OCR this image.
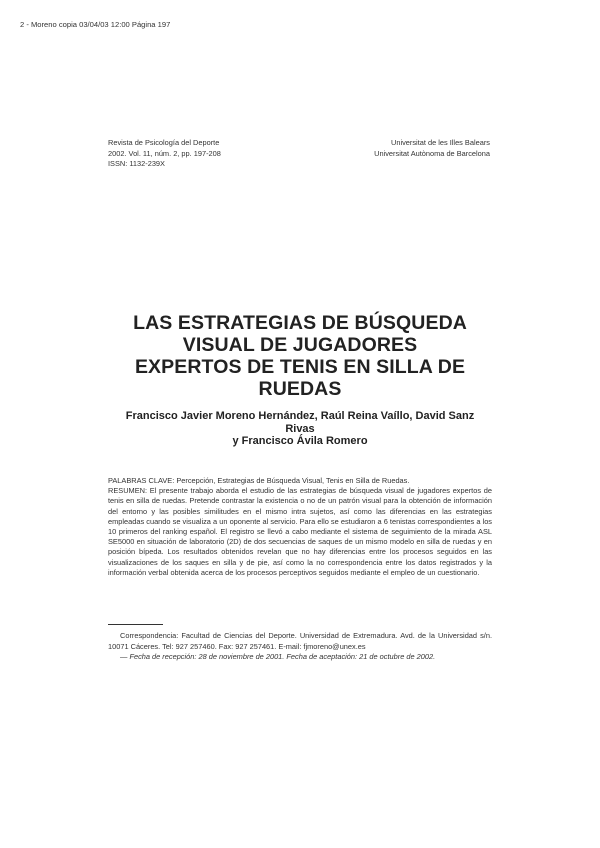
2 - Moreno copia 03/04/03 12:00 Página 197
Revista de Psicología del Deporte
2002. Vol. 11, núm. 2, pp. 197-208
ISSN: 1132-239X
Universitat de les Illes Balears
Universitat Autònoma de Barcelona
LAS ESTRATEGIAS DE BÚSQUEDA
VISUAL DE JUGADORES
EXPERTOS DE TENIS EN SILLA DE
RUEDAS
Francisco Javier Moreno Hernández, Raúl Reina Vaíllo, David Sanz
Rivas
y Francisco Ávila Romero

PALABRAS CLAVE: Percepción, Estrategias de Búsqueda Visual, Tenis en Silla de Ruedas.

RESUMEN: El presente trabajo aborda el estudio de las estrategias de búsqueda visual de jugadores expertos de tenis en silla de ruedas. Pretende contrastar la existencia o no de un patrón visual para la obtención de información del entorno y las posibles similitudes en el mismo intra sujetos, así como las diferencias en las estrategias empleadas cuando se visualiza a un oponente al servicio. Para ello se estudiaron a 6 tenistas correspondientes a los 10 primeros del ranking español. El registro se llevó a cabo mediante el sistema de seguimiento de la mirada ASL SE5000 en situación de laboratorio (2D) de dos secuencias de saques de un mismo modelo en silla de ruedas y en posición bípeda. Los resultados obtenidos revelan que no hay diferencias entre los procesos seguidos en las visualizaciones de los saques en silla y de pie, así como la no correspondencia entre los datos registrados y la información verbal obtenida acerca de los procesos perceptivos seguidos mediante el empleo de un cuestionario.

Correspondencia: Facultad de Ciencias del Deporte. Universidad de Extremadura. Avd. de la Universidad s/n. 10071 Cáceres. Tel: 927 257460. Fax: 927 257461. E-mail: fjmoreno@unex.es

— Fecha de recepción: 28 de noviembre de 2001. Fecha de aceptación: 21 de octubre de 2002.
